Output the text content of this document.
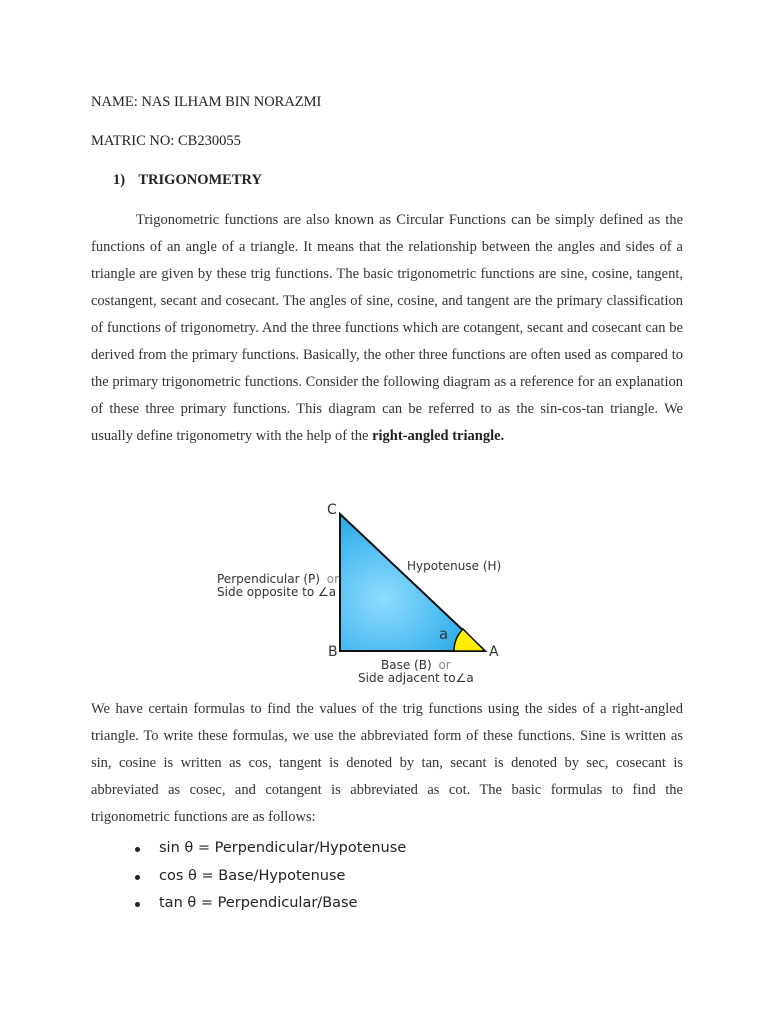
NAME: NAS ILHAM BIN NORAZMI
MATRIC NO: CB230055
1) TRIGONOMETRY
Trigonometric functions are also known as Circular Functions can be simply defined as the functions of an angle of a triangle. It means that the relationship between the angles and sides of a triangle are given by these trig functions. The basic trigonometric functions are sine, cosine, tangent, costangent, secant and cosecant. The angles of sine, cosine, and tangent are the primary classification of functions of trigonometry. And the three functions which are cotangent, secant and cosecant can be derived from the primary functions. Basically, the other three functions are often used as compared to the primary trigonometric functions. Consider the following diagram as a reference for an explanation of these three primary functions. This diagram can be referred to as the sin-cos-tan triangle. We usually define trigonometry with the help of the right-angled triangle.
C
B	A
a
Hypotenuse (H)
Perpendicular (P) or
Side opposite to ∠a
Base (B) or
Side adjacent to∠a
We have certain formulas to find the values of the trig functions using the sides of a right-angled triangle. To write these formulas, we use the abbreviated form of these functions. Sine is written as sin, cosine is written as cos, tangent is denoted by tan, secant is denoted by sec, cosecant is abbreviated as cosec, and cotangent is abbreviated as cot. The basic formulas to find the trigonometric functions are as follows:
sin θ = Perpendicular/Hypotenuse
cos θ = Base/Hypotenuse
tan θ = Perpendicular/Base
